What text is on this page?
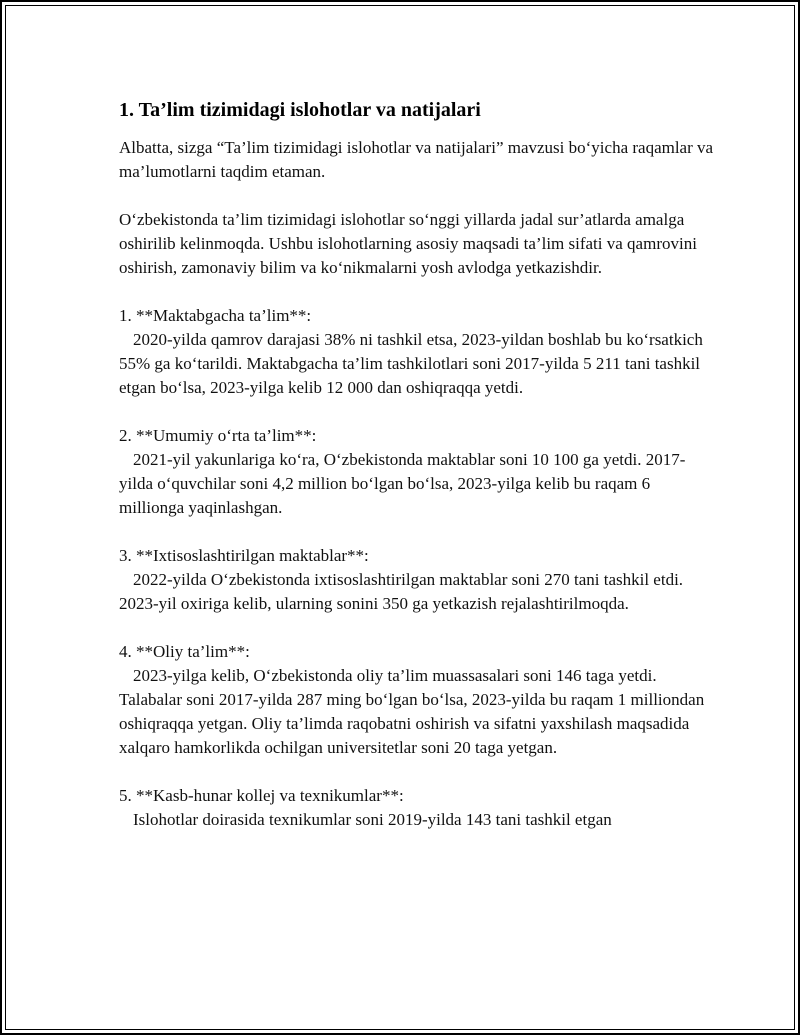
1. Ta’lim tizimidagi islohotlar va natijalari

Albatta, sizga “Ta’lim tizimidagi islohotlar va natijalari” mavzusi bo‘yicha raqamlar va ma’lumotlarni taqdim etaman.

O‘zbekistonda ta’lim tizimidagi islohotlar so‘nggi yillarda jadal sur’atlarda amalga oshirilib kelinmoqda. Ushbu islohotlarning asosiy maqsadi ta’lim sifati va qamrovini oshirish, zamonaviy bilim va ko‘nikmalarni yosh avlodga yetkazishdir.

1. **Maktabgacha ta’lim**:
2020-yilda qamrov darajasi 38% ni tashkil etsa, 2023-yildan boshlab bu ko‘rsatkich 55% ga ko‘tarildi. Maktabgacha ta’lim tashkilotlari soni 2017-yilda 5 211 tani tashkil etgan bo‘lsa, 2023-yilga kelib 12 000 dan oshiqraqqa yetdi.
2. **Umumiy o‘rta ta’lim**:
2021-yil yakunlariga ko‘ra, O‘zbekistonda maktablar soni 10 100 ga yetdi. 2017-yilda o‘quvchilar soni 4,2 million bo‘lgan bo‘lsa, 2023-yilga kelib bu raqam 6 millionga yaqinlashgan.
3. **Ixtisoslashtirilgan maktablar**:
2022-yilda O‘zbekistonda ixtisoslashtirilgan maktablar soni 270 tani tashkil etdi. 2023-yil oxiriga kelib, ularning sonini 350 ga yetkazish rejalashtirilmoqda.
4. **Oliy ta’lim**:
2023-yilga kelib, O‘zbekistonda oliy ta’lim muassasalari soni 146 taga yetdi. Talabalar soni 2017-yilda 287 ming bo‘lgan bo‘lsa, 2023-yilda bu raqam 1 milliondan oshiqraqqa yetgan. Oliy ta’limda raqobatni oshirish va sifatni yaxshilash maqsadida xalqaro hamkorlikda ochilgan universitetlar soni 20 taga yetgan.
5. **Kasb-hunar kollej va texnikumlar**:
Islohotlar doirasida texnikumlar soni 2019-yilda 143 tani tashkil etgan
